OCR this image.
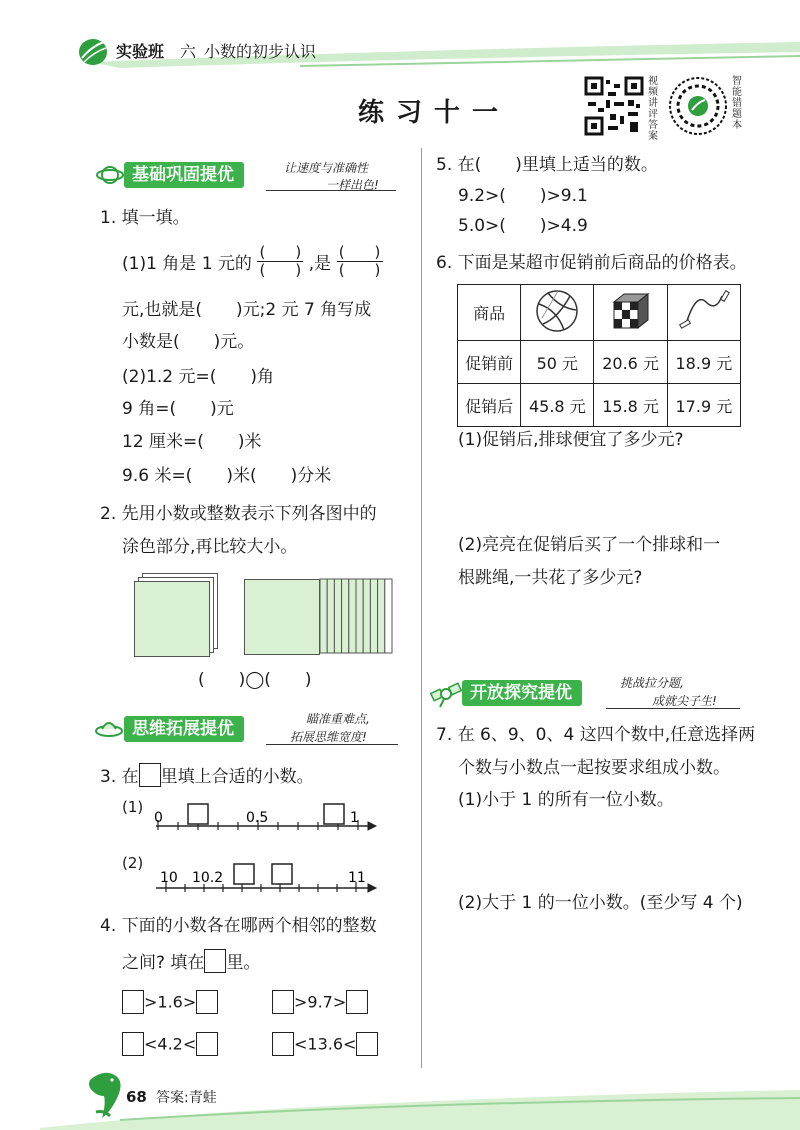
实验班 六 小数的初步认识
练习十一
视频讲评答案
智能错题本
基础巩固提优	让速度与准确性
一样出色!
1. 填一填。
(1)1 角是 1 元的 $\frac{( )}{( )}$ ,是 $\frac{( )}{( )}$
元,也就是(　　)元;2 元 7 角写成
小数是(　　)元。
(2)1.2 元=(　　)角
9 角=(　　)元
12 厘米=(　　)米
9.6 米=(　　)米(　　)分米
2. 先用小数或整数表示下列各图中的
涂色部分,再比较大小。
(　　)◯(　　)
思维拓展提优	瞄准重难点,
拓展思维宽度!
3. 在 里填上合适的小数。
(1)
0	0.5	1
(2)
10 10.2	11
4. 下面的小数各在哪两个相邻的整数
之间? 填在 里。
>1.6>	>9.7>
<4.2<	<13.6<
5. 在(　　)里填上适当的数。
9.2>(　　)>9.1
5.0>(　　)>4.9
6. 下面是某超市促销前后商品的价格表。
商品			
促销前	50 元	20.6 元	18.9 元
促销后	45.8 元	15.8 元	17.9 元
(1)促销后,排球便宜了多少元?
(2)亮亮在促销后买了一个排球和一
根跳绳,一共花了多少元?
开放探究提优	挑战拉分题,
成就尖子生!
7. 在 6、9、0、4 这四个数中,任意选择两
个数与小数点一起按要求组成小数。
(1)小于 1 的所有一位小数。
(2)大于 1 的一位小数。(至少写 4 个)
68 答案:青蛙
